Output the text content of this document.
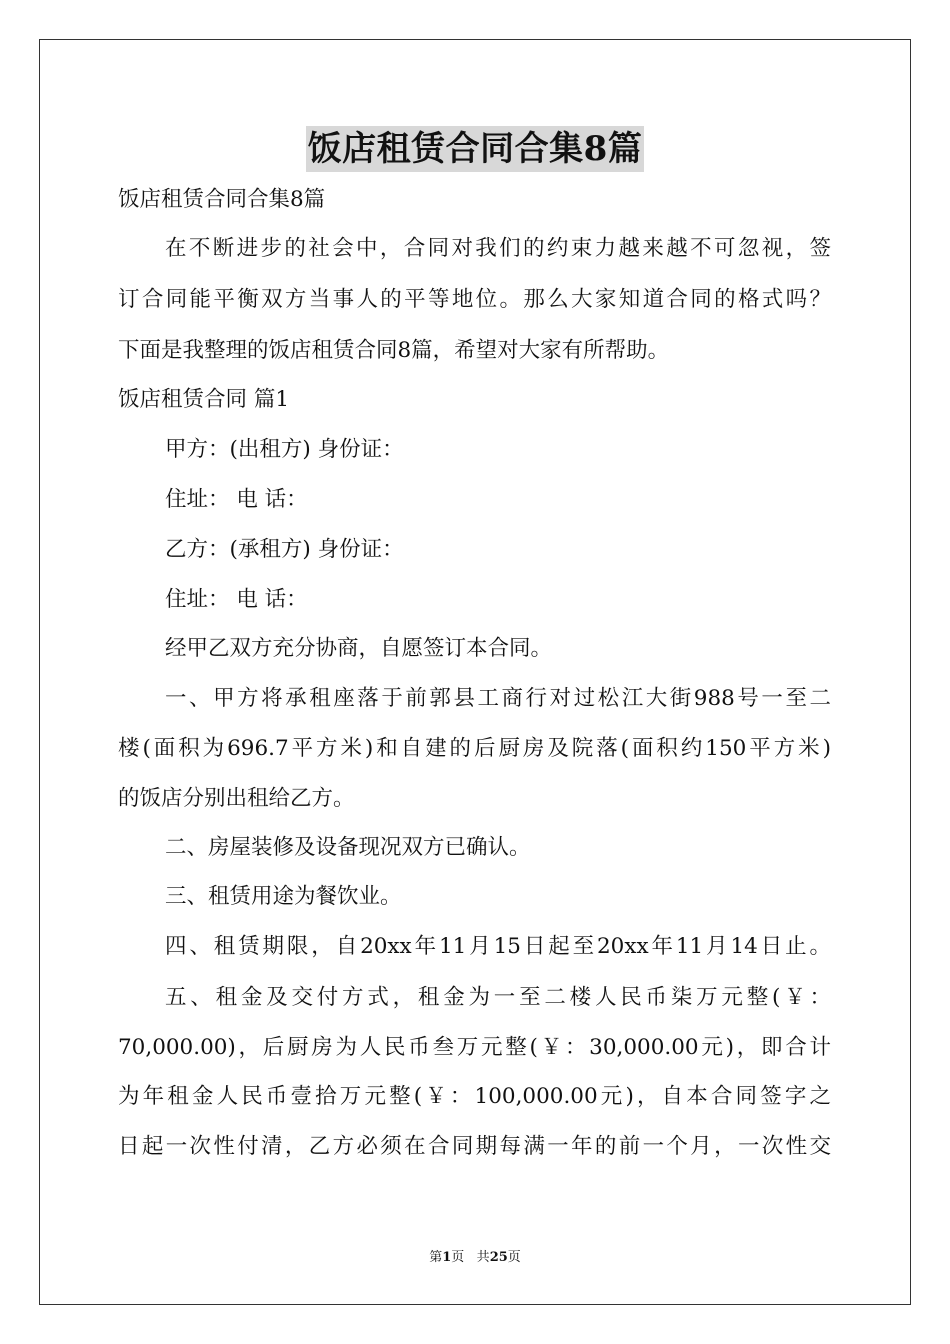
饭店租赁合同合集8篇
饭店租赁合同合集8篇
在不断进步的社会中，合同对我们的约束力越来越不可忽视，签
订合同能平衡双方当事人的平等地位。那么大家知道合同的格式吗？
下面是我整理的饭店租赁合同8篇，希望对大家有所帮助。
饭店租赁合同 篇1
甲方：(出租方) 身份证：
住址： 电 话：
乙方：(承租方) 身份证：
住址： 电 话：
经甲乙双方充分协商，自愿签订本合同。
一、甲方将承租座落于前郭县工商行对过松江大街988号一至二
楼(面积为696.7平方米)和自建的后厨房及院落(面积约150平方米)
的饭店分别出租给乙方。
二、房屋装修及设备现况双方已确认。
三、租赁用途为餐饮业。
四、租赁期限，自20xx年11月15日起至20xx年11月14日止。
五、租金及交付方式，租金为一至二楼人民币柒万元整(￥：
70,000.00)，后厨房为人民币叁万元整(￥：30,000.00元)，即合计
为年租金人民币壹拾万元整(￥：100,000.00元)，自本合同签字之
日起一次性付清，乙方必须在合同期每满一年的前一个月，一次性交
第1页 共25页
